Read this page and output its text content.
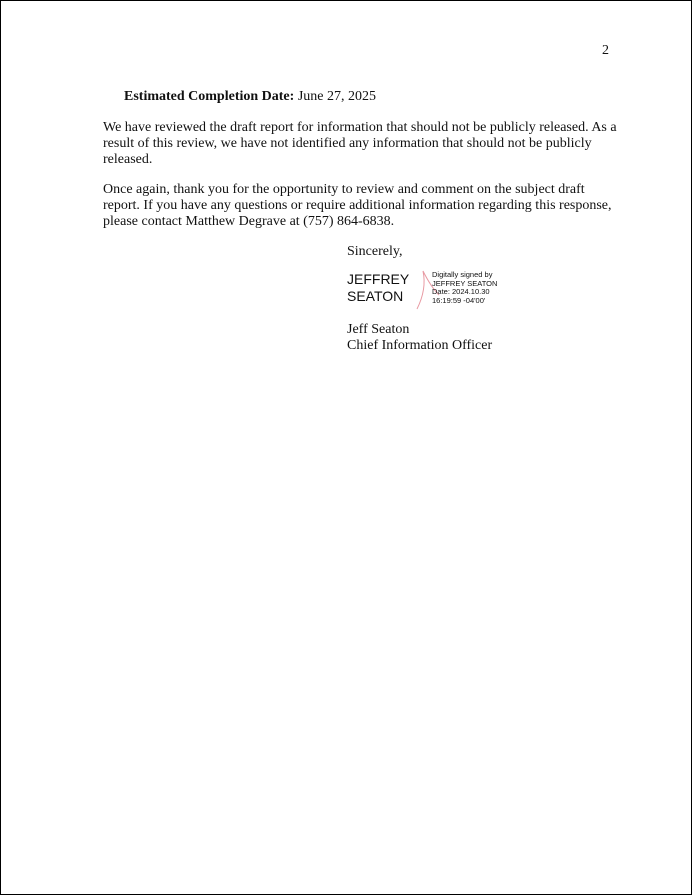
2
Estimated Completion Date: June 27, 2025

We have reviewed the draft report for information that should not be publicly released. As a result of this review, we have not identified any information that should not be publicly released.

Once again, thank you for the opportunity to review and comment on the subject draft report. If you have any questions or require additional information regarding this response, please contact Matthew Degrave at (757) 864-6838.

Sincerely,
JEFFREY
SEATON
Digitally signed by
JEFFREY SEATON
Date: 2024.10.30
16:19:59 -04'00'
Jeff Seaton
Chief Information Officer
